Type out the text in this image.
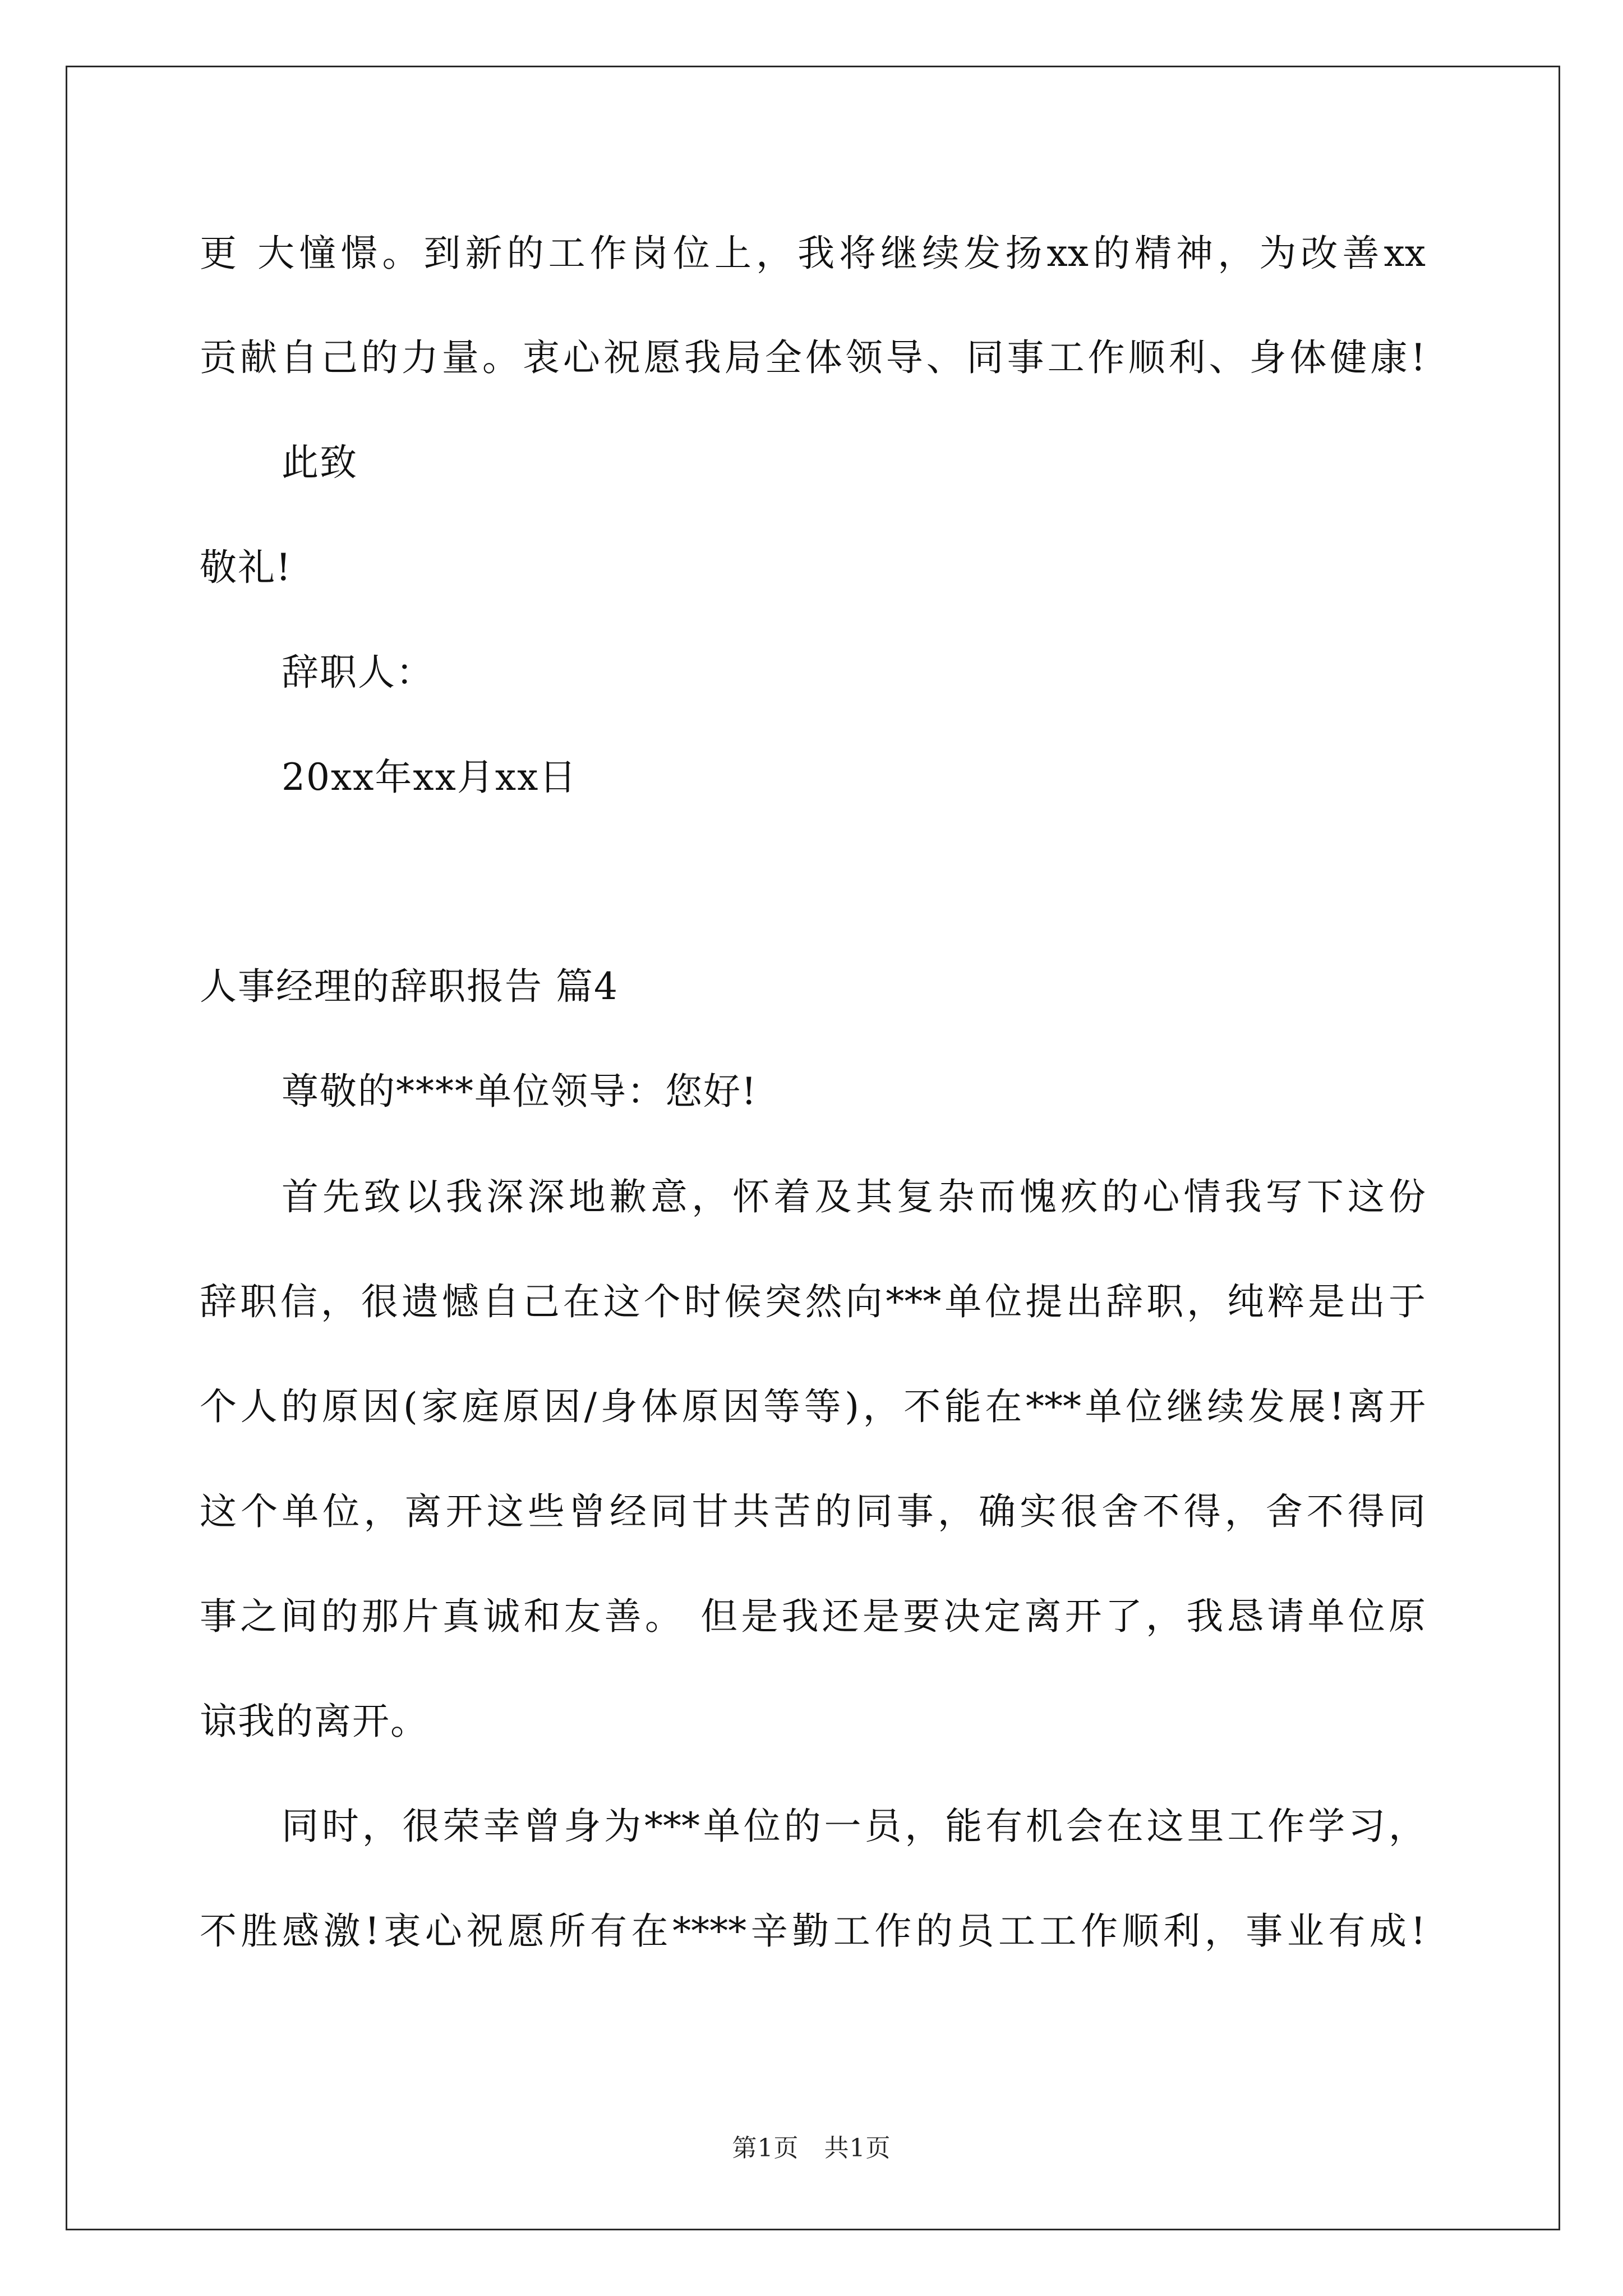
更 大憧憬。到新的工作岗位上，我将继续发扬xx的精神，为改善xx
贡献自己的力量。衷心祝愿我局全体领导、同事工作顺利、身体健康!
此致
敬礼!
辞职人：
20xx年xx月xx日
人事经理的辞职报告 篇4
尊敬的****单位领导：您好!
首先致以我深深地歉意，怀着及其复杂而愧疚的心情我写下这份
辞职信，很遗憾自己在这个时候突然向***单位提出辞职，纯粹是出于
个人的原因(家庭原因/身体原因等等)，不能在***单位继续发展!离开
这个单位，离开这些曾经同甘共苦的同事，确实很舍不得，舍不得同
事之间的那片真诚和友善。 但是我还是要决定离开了，我恳请单位原
谅我的离开。
同时，很荣幸曾身为***单位的一员，能有机会在这里工作学习，
不胜感激!衷心祝愿所有在****辛勤工作的员工工作顺利，事业有成!
第1页　共1页
